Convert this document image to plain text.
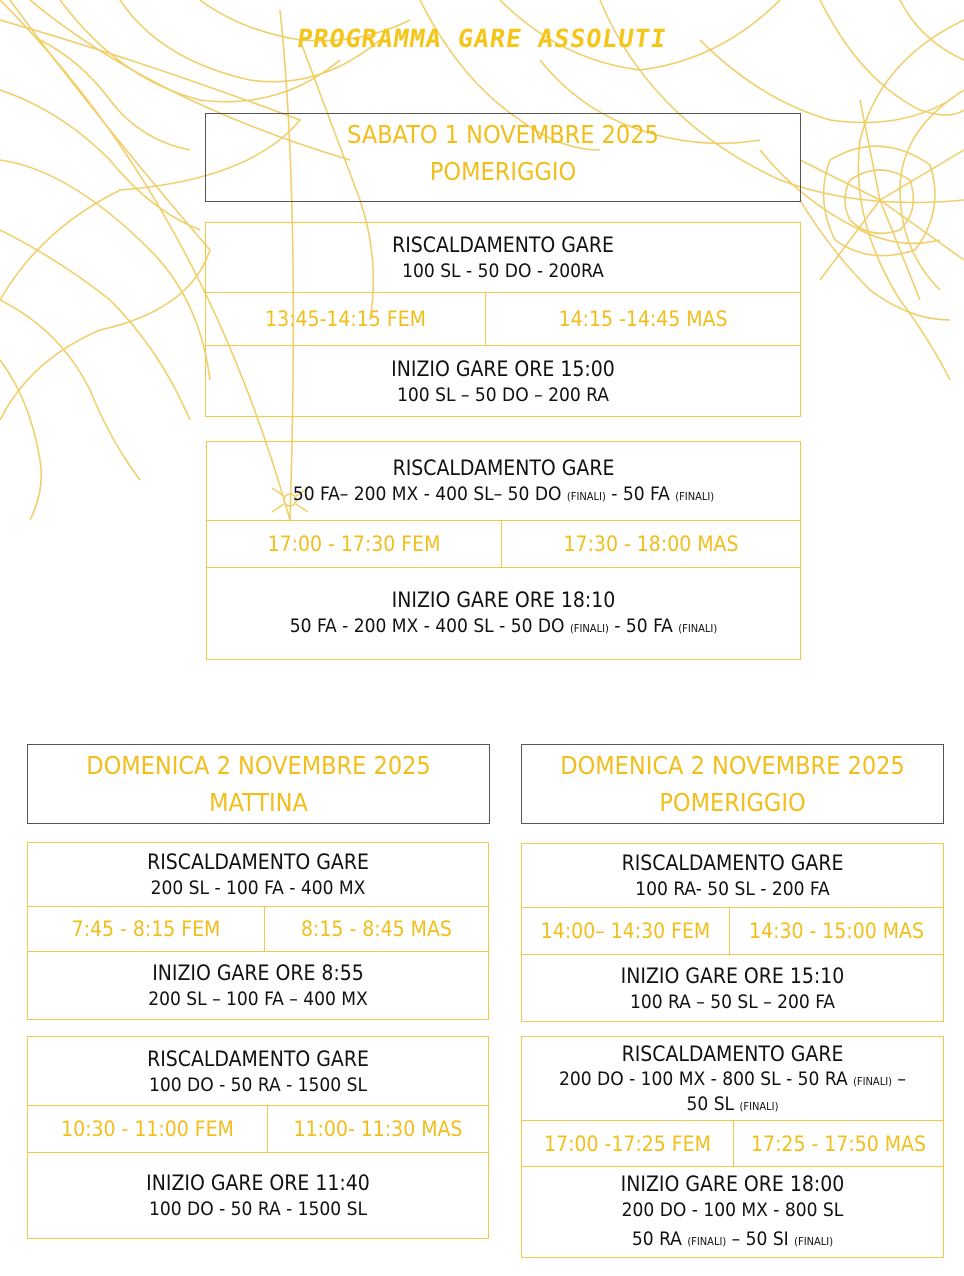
PROGRAMMA GARE ASSOLUTI
SABATO 1 NOVEMBRE 2025
POMERIGGIO
RISCALDAMENTO GARE
100 SL - 50 DO - 200RA
13:45-14:15 FEM	14:15 -14:45 MAS
INIZIO GARE ORE 15:00
100 SL – 50 DO – 200 RA
RISCALDAMENTO GARE
50 FA– 200 MX - 400 SL– 50 DO (FINALI) - 50 FA (FINALI)
17:00 - 17:30 FEM	17:30 - 18:00 MAS
INIZIO GARE ORE 18:10
50 FA - 200 MX - 400 SL - 50 DO (FINALI) - 50 FA (FINALI)
DOMENICA 2 NOVEMBRE 2025
MATTINA
RISCALDAMENTO GARE
200 SL - 100 FA - 400 MX
7:45 - 8:15 FEM	8:15 - 8:45 MAS
INIZIO GARE ORE 8:55
200 SL – 100 FA – 400 MX
RISCALDAMENTO GARE
100 DO - 50 RA - 1500 SL
10:30 - 11:00 FEM	11:00- 11:30 MAS
INIZIO GARE ORE 11:40
100 DO - 50 RA - 1500 SL
DOMENICA 2 NOVEMBRE 2025
POMERIGGIO
RISCALDAMENTO GARE
100 RA- 50 SL - 200 FA
14:00– 14:30 FEM	14:30 - 15:00 MAS
INIZIO GARE ORE 15:10
100 RA – 50 SL – 200 FA
RISCALDAMENTO GARE
200 DO - 100 MX - 800 SL - 50 RA (FINALI) –
50 SL (FINALI)
17:00 -17:25 FEM	17:25 - 17:50 MAS
INIZIO GARE ORE 18:00
200 DO - 100 MX - 800 SL
50 RA (FINALI) – 50 SI (FINALI)
